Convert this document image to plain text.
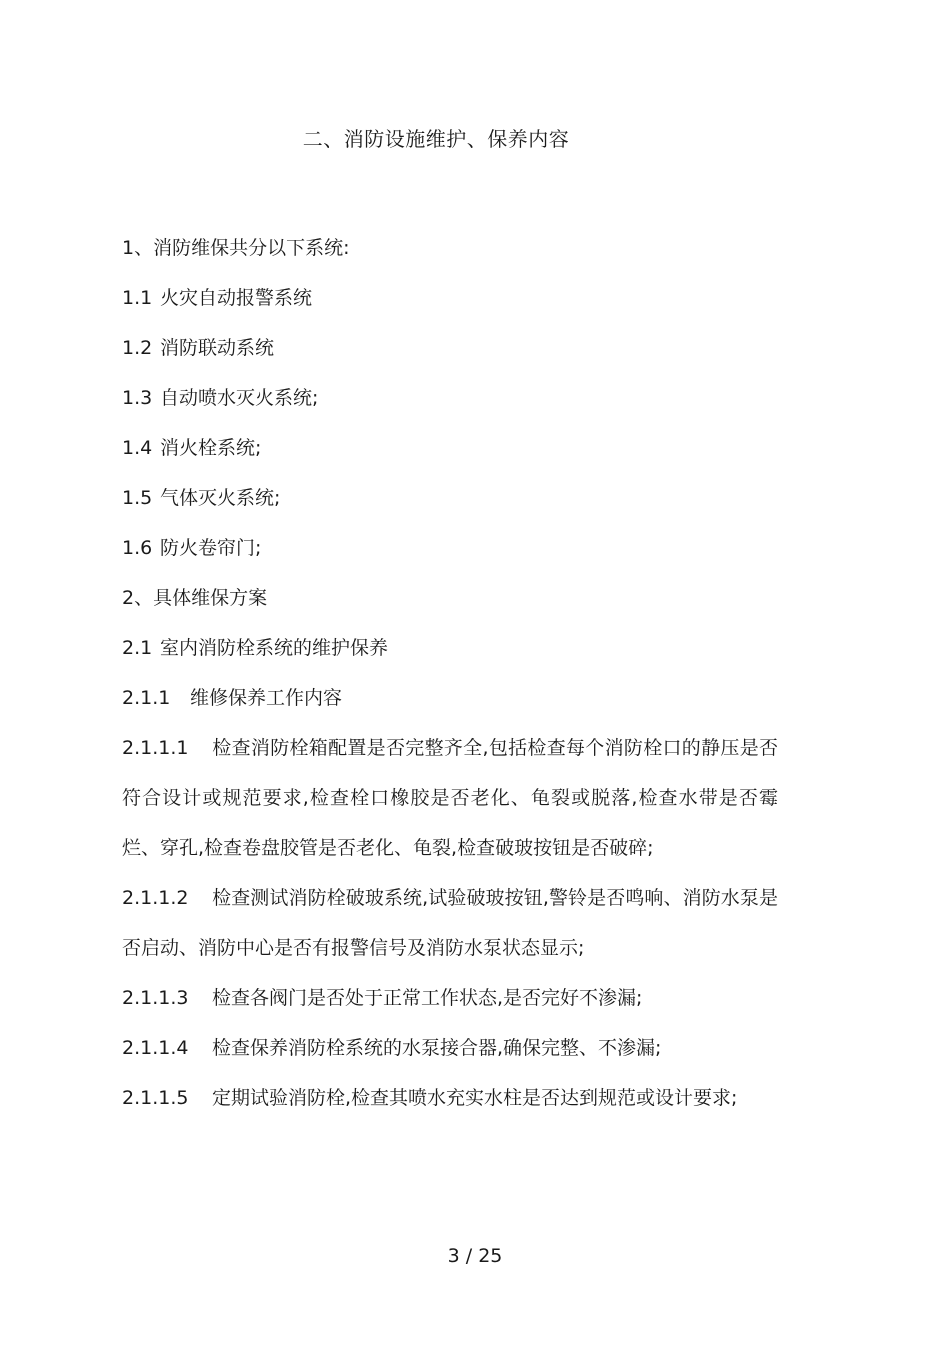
二、消防设施维护、保养内容
1、消防维保共分以下系统:
1.1 火灾自动报警系统
1.2 消防联动系统
1.3 自动喷水灭火系统;
1.4 消火栓系统;
1.5 气体灭火系统;
1.6 防火卷帘门;
2、具体维保方案
2.1 室内消防栓系统的维护保养
2.1.1 维修保养工作内容
2.1.1.1 检查消防栓箱配置是否完整齐全,包括检查每个消防栓口的静压是否符合设计或规范要求,检查栓口橡胶是否老化、龟裂或脱落,检查水带是否霉烂、穿孔,检查卷盘胶管是否老化、龟裂,检查破玻按钮是否破碎;
2.1.1.2 检查测试消防栓破玻系统,试验破玻按钮,警铃是否鸣响、消防水泵是否启动、消防中心是否有报警信号及消防水泵状态显示;
2.1.1.3 检查各阀门是否处于正常工作状态,是否完好不渗漏;
2.1.1.4 检查保养消防栓系统的水泵接合器,确保完整、不渗漏;
2.1.1.5 定期试验消防栓,检查其喷水充实水柱是否达到规范或设计要求;
3 / 25
